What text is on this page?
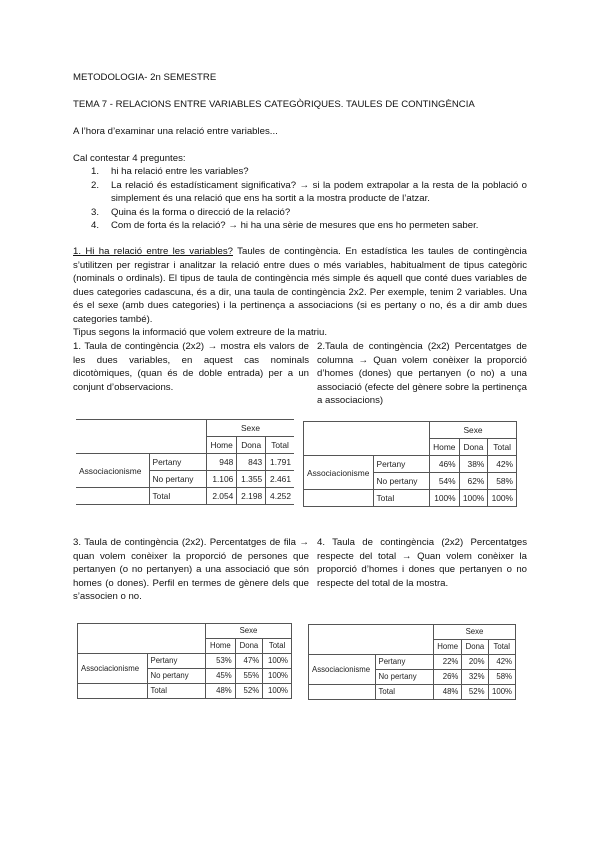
METODOLOGIA- 2n SEMESTRE
TEMA 7 - RELACIONS ENTRE VARIABLES CATEGÒRIQUES. TAULES DE CONTINGÈNCIA
A l’hora d’examinar una relació entre variables...
Cal contestar 4 preguntes:
1. hi ha relació entre les variables?
2. La relació és estadísticament significativa? → si la podem extrapolar a la resta de la població o simplement és una relació que ens ha sortit a la mostra producte de l’atzar.
3. Quina és la forma o direcció de la relació?
4. Com de forta és la relació? → hi ha una sèrie de mesures que ens ho permeten saber.
1. Hi ha relació entre les variables? Taules de contingència. En estadística les taules de contingència s’utilitzen per registrar i analitzar la relació entre dues o més variables, habitualment de tipus categòric (nominals o ordinals). El tipus de taula de contingència més simple és aquell que conté dues variables de dues categories cadascuna, és a dir, una taula de contingència 2x2. Per exemple, tenim 2 variables. Una és el sexe (amb dues categories) i la pertinença a associacions (si es pertany o no, és a dir amb dues categories també).
Tipus segons la informació que volem extreure de la matriu.
1. Taula de contingència (2x2) → mostra els valors de les dues variables, en aquest cas nominals dicotòmiques, (quan és de doble entrada) per a un conjunt d’observacions.
2.Taula de contingència (2x2) Percentatges de columna → Quan volem conèixer la proporció d’homes (dones) que pertanyen (o no) a una associació (efecte del gènere sobre la pertinença a associacions)
		Sexe		
		Home	Dona	Total
Associacionisme	Pertany	948	843	1.791
	No pertany	1.106	1.355	2.461
	Total	2.054	2.198	4.252
		Sexe		
		Home	Dona	Total
Associacionisme	Pertany	46%	38%	42%
	No pertany	54%	62%	58%
	Total	100%	100%	100%
3. Taula de contingència (2x2). Percentatges de fila → quan volem conèixer la proporció de persones que pertanyen (o no pertanyen) a una associació que són homes (o dones). Perfil en termes de gènere dels que s’associen o no.
4. Taula de contingència (2x2) Percentatges respecte del total → Quan volem conèixer la proporció d’homes i dones que pertanyen o no respecte del total de la mostra.
		Sexe		
		Home	Dona	Total
Associacionisme	Pertany	53%	47%	100%
	No pertany	45%	55%	100%
	Total	48%	52%	100%
		Sexe		
		Home	Dona	Total
Associacionisme	Pertany	22%	20%	42%
	No pertany	26%	32%	58%
	Total	48%	52%	100%
